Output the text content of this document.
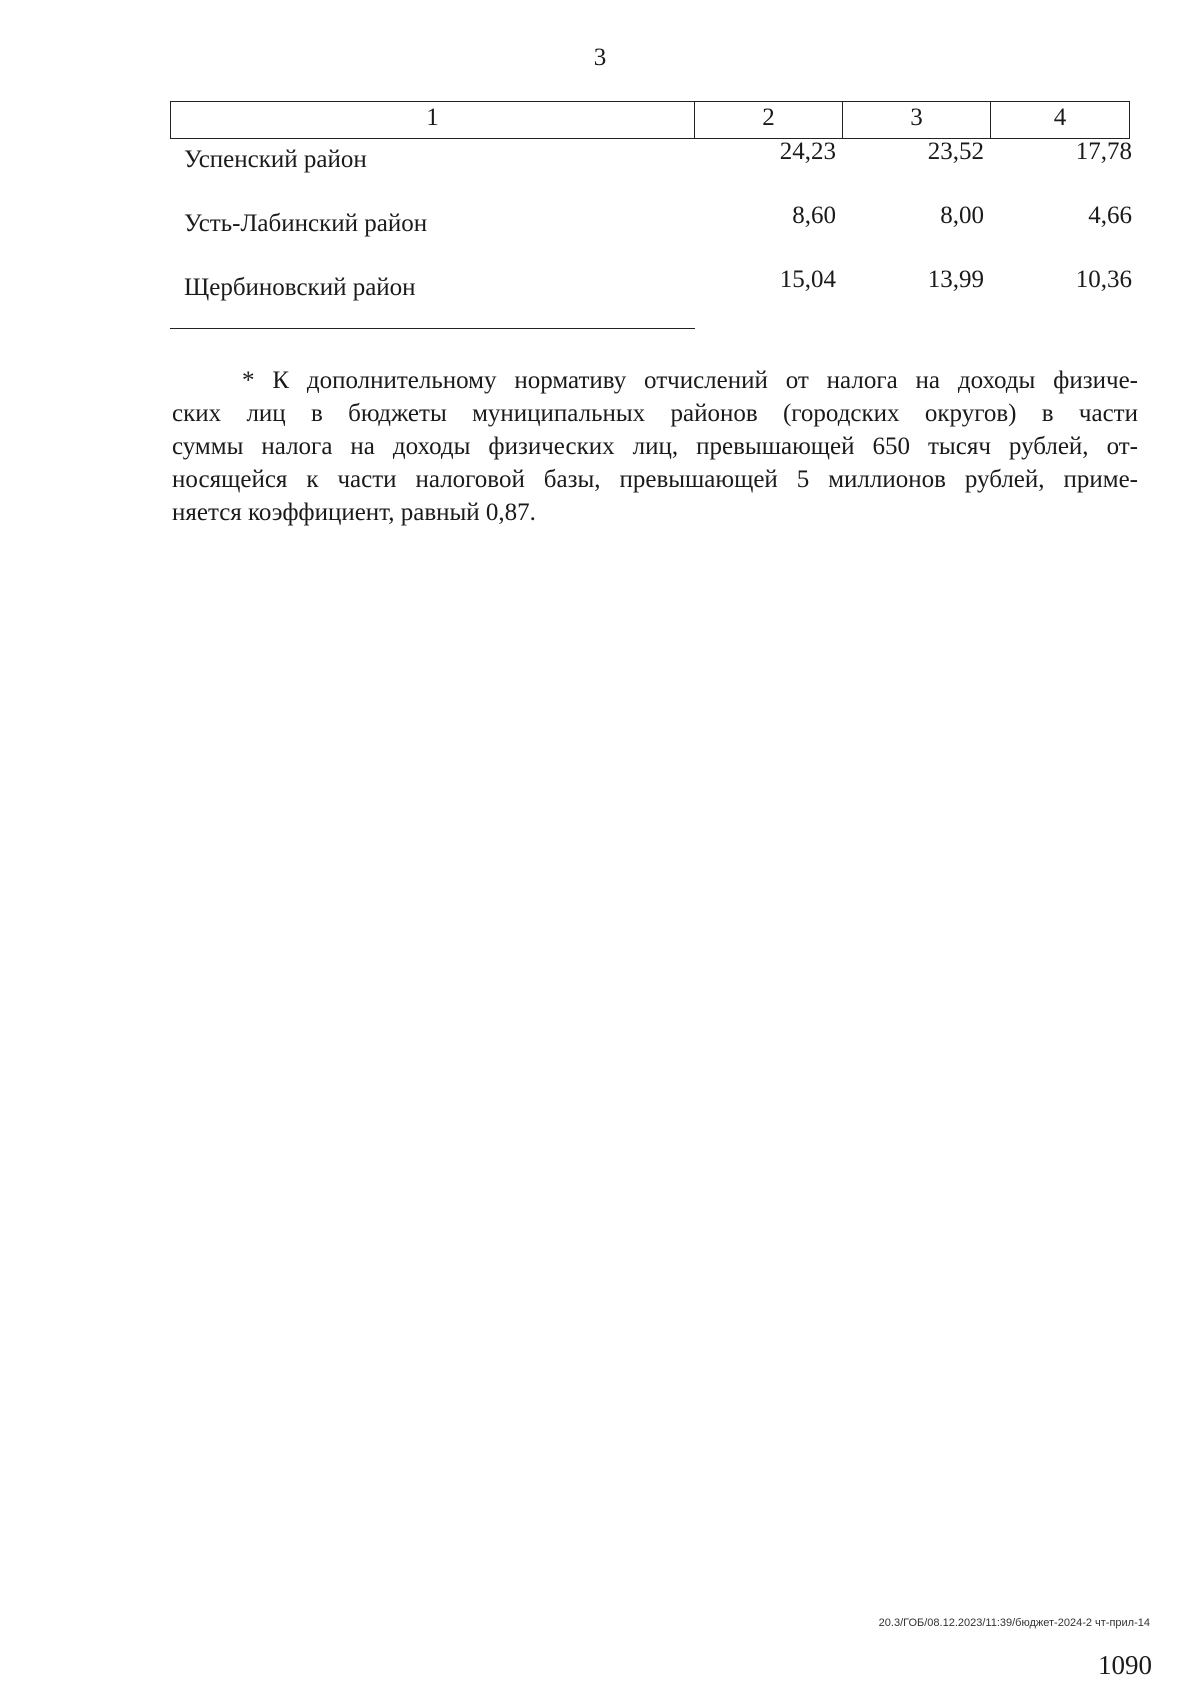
3
1	2	3	4
Успенский район	24,23	23,52	17,78
Усть-Лабинский район	8,60	8,00	4,66
Щербиновский район	15,04	13,99	10,36
* К дополнительному нормативу отчислений от налога на доходы физиче-
ских лиц в бюджеты муниципальных районов (городских округов) в части
суммы налога на доходы физических лиц, превышающей 650 тысяч рублей, от-
носящейся к части налоговой базы, превышающей 5 миллионов рублей, приме-
няется коэффициент, равный 0,87.
20.3/ГОБ/08.12.2023/11:39/бюджет-2024-2 чт-прил-14
1090
